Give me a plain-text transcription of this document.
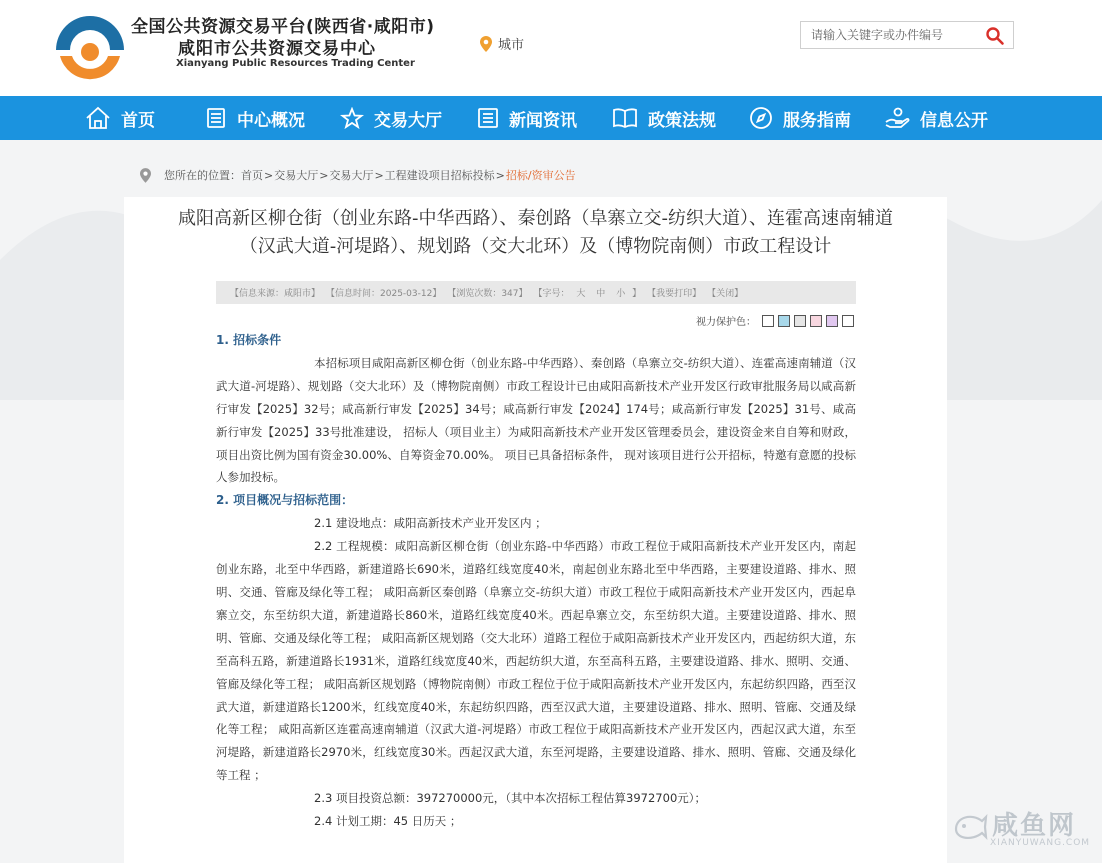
全国公共资源交易平台(陕西省·咸阳市)
咸阳市公共资源交易中心
Xianyang Public Resources Trading Center
城市
请输入关键字或办件编号
首页	中心概况	交易大厅	新闻资讯	政策法规	服务指南	信息公开
您所在的位置： 首页 > 交易大厅 > 交易大厅 > 工程建设项目招标投标 > 招标/资审公告
咸阳高新区柳仓街（创业东路-中华西路）、秦创路（阜寨立交-纺织大道）、连霍高速南辅道
（汉武大道-河堤路）、规划路（交大北环）及（博物院南侧）市政工程设计
【信息来源：咸阳市】 【信息时间：2025-03-12】 【浏览次数：347】 【字号： 大 中 小 】 【我要打印】 【关闭】
视力保护色：
1. 招标条件
本招标项目咸阳高新区柳仓街（创业东路-中华西路）、秦创路（阜寨立交-纺织大道）、连霍高速南辅道（汉武大道-河堤路）、规划路（交大北环）及（博物院南侧）市政工程设计已由咸阳高新技术产业开发区行政审批服务局以咸高新行审发【2025】32号；咸高新行审发【2025】34号；咸高新行审发【2024】174号；咸高新行审发【2025】31号、咸高新行审发【2025】33号批准建设， 招标人（项目业主）为咸阳高新技术产业开发区管理委员会，建设资金来自自筹和财政，项目出资比例为国有资金30.00%、自筹资金70.00%。 项目已具备招标条件， 现对该项目进行公开招标，特邀有意愿的投标人参加投标。
2. 项目概况与招标范围：
2.1 建设地点：咸阳高新技术产业开发区内 ；
2.2 工程规模：咸阳高新区柳仓街（创业东路-中华西路）市政工程位于咸阳高新技术产业开发区内，南起创业东路，北至中华西路，新建道路长690米，道路红线宽度40米，南起创业东路北至中华西路，主要建设道路、排水、照明、交通、管廊及绿化等工程； 咸阳高新区秦创路（阜寨立交-纺织大道）市政工程位于咸阳高新技术产业开发区内，西起阜寨立交，东至纺织大道，新建道路长860米，道路红线宽度40米。西起阜寨立交，东至纺织大道。主要建设道路、排水、照明、管廊、交通及绿化等工程； 咸阳高新区规划路（交大北环）道路工程位于咸阳高新技术产业开发区内，西起纺织大道，东至高科五路，新建道路长1931米，道路红线宽度40米，西起纺织大道，东至高科五路，主要建设道路、排水、照明、交通、管廊及绿化等工程； 咸阳高新区规划路（博物院南侧）市政工程位于位于咸阳高新技术产业开发区内，东起纺织四路，西至汉武大道，新建道路长1200米，红线宽度40米，东起纺织四路，西至汉武大道，主要建设道路、排水、照明、管廊、交通及绿化等工程； 咸阳高新区连霍高速南辅道（汉武大道-河堤路）市政工程位于咸阳高新技术产业开发区内，西起汉武大道，东至河堤路，新建道路长2970米，红线宽度30米。西起汉武大道，东至河堤路，主要建设道路、排水、照明、管廊、交通及绿化等工程 ；
2.3 项目投资总额：397270000元，（其中本次招标工程估算3972700元）；
2.4 计划工期：45 日历天 ；	咸鱼网
XIANYUWANG.COM
